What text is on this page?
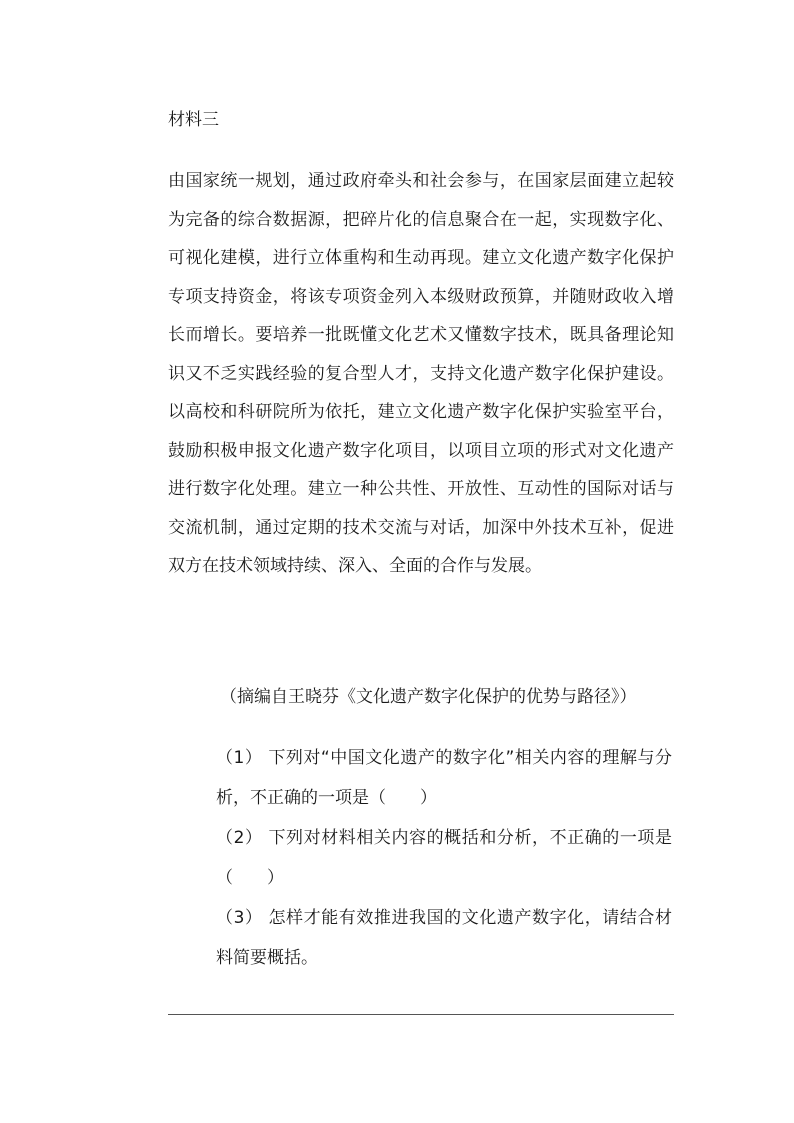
材料三

由国家统一规划，通过政府牵头和社会参与，在国家层面建立起较为完备的综合数据源，把碎片化的信息聚合在一起，实现数字化、可视化建模，进行立体重构和生动再现。建立文化遗产数字化保护专项支持资金，将该专项资金列入本级财政预算，并随财政收入增长而增长。要培养一批既懂文化艺术又懂数字技术，既具备理论知识又不乏实践经验的复合型人才，支持文化遗产数字化保护建设。以高校和科研院所为依托，建立文化遗产数字化保护实验室平台，鼓励积极申报文化遗产数字化项目，以项目立项的形式对文化遗产进行数字化处理。建立一种公共性、开放性、互动性的国际对话与交流机制，通过定期的技术交流与对话，加深中外技术互补，促进双方在技术领域持续、深入、全面的合作与发展。

（摘编自王晓芬《文化遗产数字化保护的优势与路径》）

（1） 下列对“中国文化遗产的数字化”相关内容的理解与分析，不正确的一项是（　　）
（2） 下列对材料相关内容的概括和分析，不正确的一项是（　　）
（3） 怎样才能有效推进我国的文化遗产数字化，请结合材料简要概括。
